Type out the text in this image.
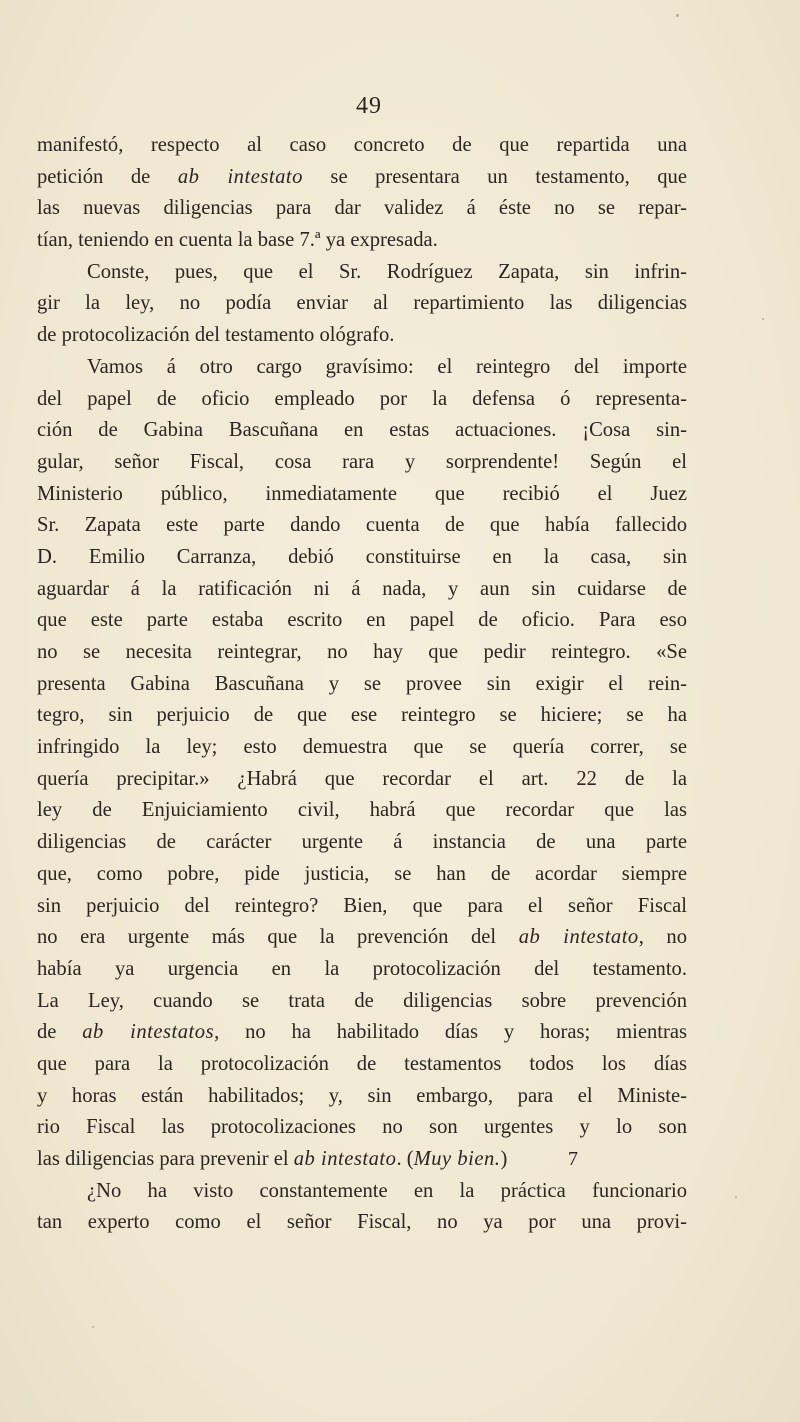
49
manifestó, respecto al caso concreto de que repartida una
petición de ab intestato se presentara un testamento, que
las nuevas diligencias para dar validez á éste no se repar-
tían, teniendo en cuenta la base 7.ª ya expresada.
Conste, pues, que el Sr. Rodríguez Zapata, sin infrin-
gir la ley, no podía enviar al repartimiento las diligencias
de protocolización del testamento ológrafo.
Vamos á otro cargo gravísimo: el reintegro del importe
del papel de oficio empleado por la defensa ó representa-
ción de Gabina Bascuñana en estas actuaciones. ¡Cosa sin-
gular, señor Fiscal, cosa rara y sorprendente! Según el
Ministerio público, inmediatamente que recibió el Juez
Sr. Zapata este parte dando cuenta de que había fallecido
D. Emilio Carranza, debió constituirse en la casa, sin
aguardar á la ratificación ni á nada, y aun sin cuidarse de
que este parte estaba escrito en papel de oficio. Para eso
no se necesita reintegrar, no hay que pedir reintegro. «Se
presenta Gabina Bascuñana y se provee sin exigir el rein-
tegro, sin perjuicio de que ese reintegro se hiciere; se ha
infringido la ley; esto demuestra que se quería correr, se
quería precipitar.» ¿Habrá que recordar el art. 22 de la
ley de Enjuiciamiento civil, habrá que recordar que las
diligencias de carácter urgente á instancia de una parte
que, como pobre, pide justicia, se han de acordar siempre
sin perjuicio del reintegro? Bien, que para el señor Fiscal
no era urgente más que la prevención del ab intestato, no
había ya urgencia en la protocolización del testamento.
La Ley, cuando se trata de diligencias sobre prevención
de ab intestatos, no ha habilitado días y horas; mientras
que para la protocolización de testamentos todos los días
y horas están habilitados; y, sin embargo, para el Ministe-
rio Fiscal las protocolizaciones no son urgentes y lo son
las diligencias para prevenir el ab intestato. (Muy bien.)
¿No ha visto constantemente en la práctica funcionario
tan experto como el señor Fiscal, no ya por una provi-
7
